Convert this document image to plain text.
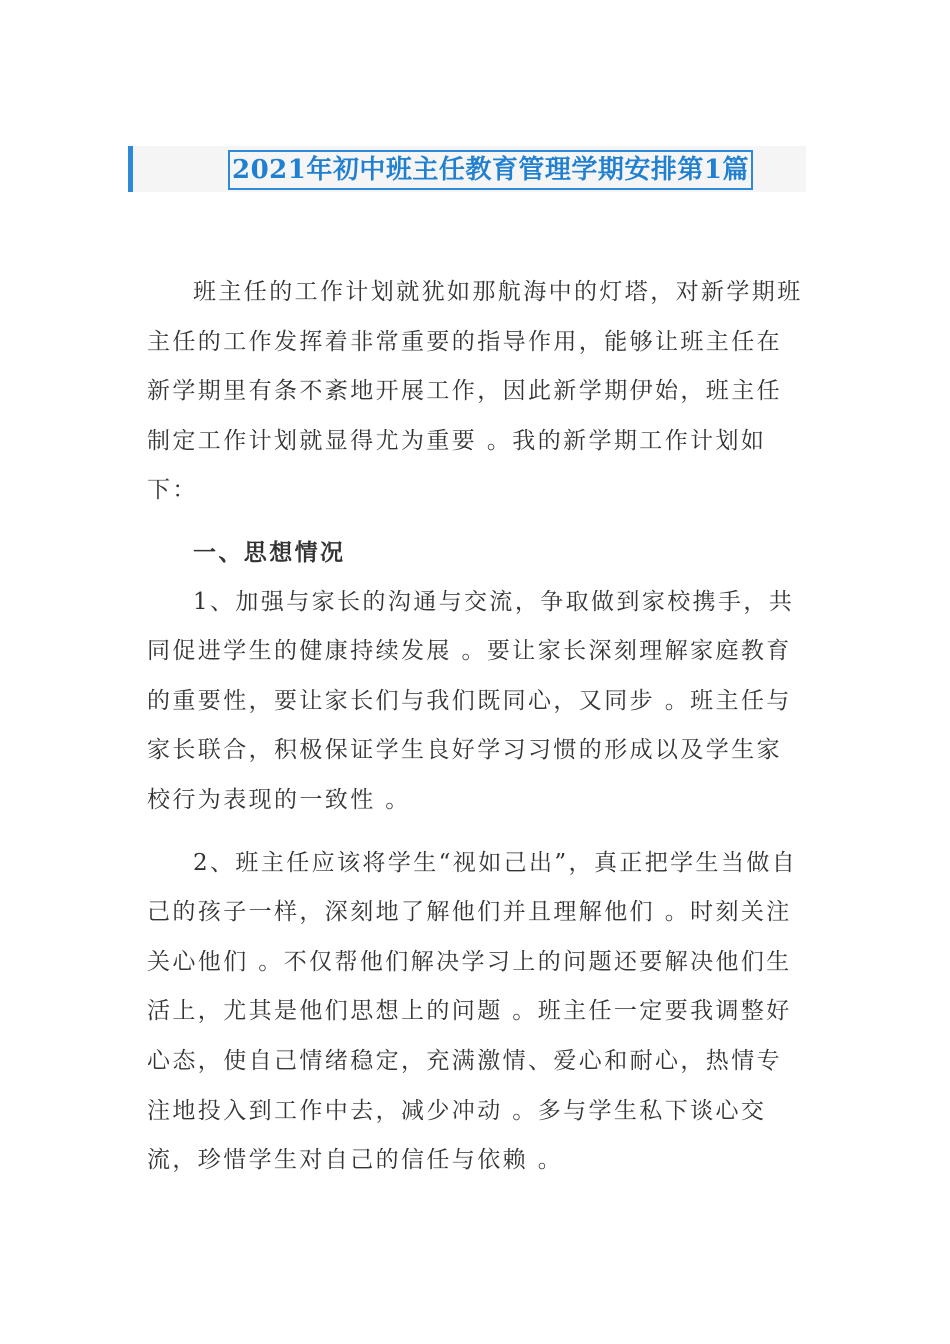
2021年初中班主任教育管理学期安排第1篇

班主任的工作计划就犹如那航海中的灯塔，对新学期班主任的工作发挥着非常重要的指导作用，能够让班主任在新学期里有条不紊地开展工作，因此新学期伊始，班主任制定工作计划就显得尤为重要 。我的新学期工作计划如下：

一、思想情况

1、加强与家长的沟通与交流，争取做到家校携手，共同促进学生的健康持续发展 。要让家长深刻理解家庭教育的重要性，要让家长们与我们既同心，又同步 。班主任与家长联合，积极保证学生良好学习习惯的形成以及学生家校行为表现的一致性 。

2、班主任应该将学生“视如己出”，真正把学生当做自己的孩子一样，深刻地了解他们并且理解他们 。时刻关注关心他们 。不仅帮他们解决学习上的问题还要解决他们生活上，尤其是他们思想上的问题 。班主任一定要我调整好心态，使自己情绪稳定，充满激情、爱心和耐心，热情专注地投入到工作中去，减少冲动 。多与学生私下谈心交流，珍惜学生对自己的信任与依赖 。
